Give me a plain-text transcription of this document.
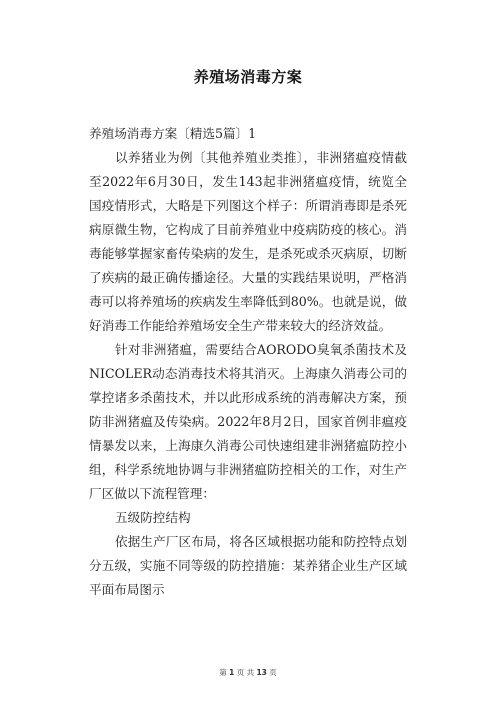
养殖场消毒方案

养殖场消毒方案〔精选5篇〕1

以养猪业为例〔其他养殖业类推〕，非洲猪瘟疫情截至2022年6月30日，发生143起非洲猪瘟疫情，统览全国疫情形式，大略是下列图这个样子：所谓消毒即是杀死病原微生物，它构成了目前养殖业中疫病防疫的核心。消毒能够掌握家畜传染病的发生，是杀死或杀灭病原，切断了疾病的最正确传播途径。大量的实践结果说明，严格消毒可以将养殖场的疾病发生率降低到80%。也就是说，做好消毒工作能给养殖场安全生产带来较大的经济效益。

针对非洲猪瘟，需要结合AORODO臭氧杀菌技术及NICOLER动态消毒技术将其消灭。上海康久消毒公司的掌控诸多杀菌技术，并以此形成系统的消毒解决方案，预防非洲猪瘟及传染病。2022年8月2日，国家首例非瘟疫情暴发以来，上海康久消毒公司快速组建非洲猪瘟防控小组，科学系统地协调与非洲猪瘟防控相关的工作，对生产厂区做以下流程管理：

五级防控结构

依据生产厂区布局，将各区域根据功能和防控特点划分五级，实施不同等级的防控措施：某养猪企业生产区域平面布局图示

第 1 页 共 13 页
